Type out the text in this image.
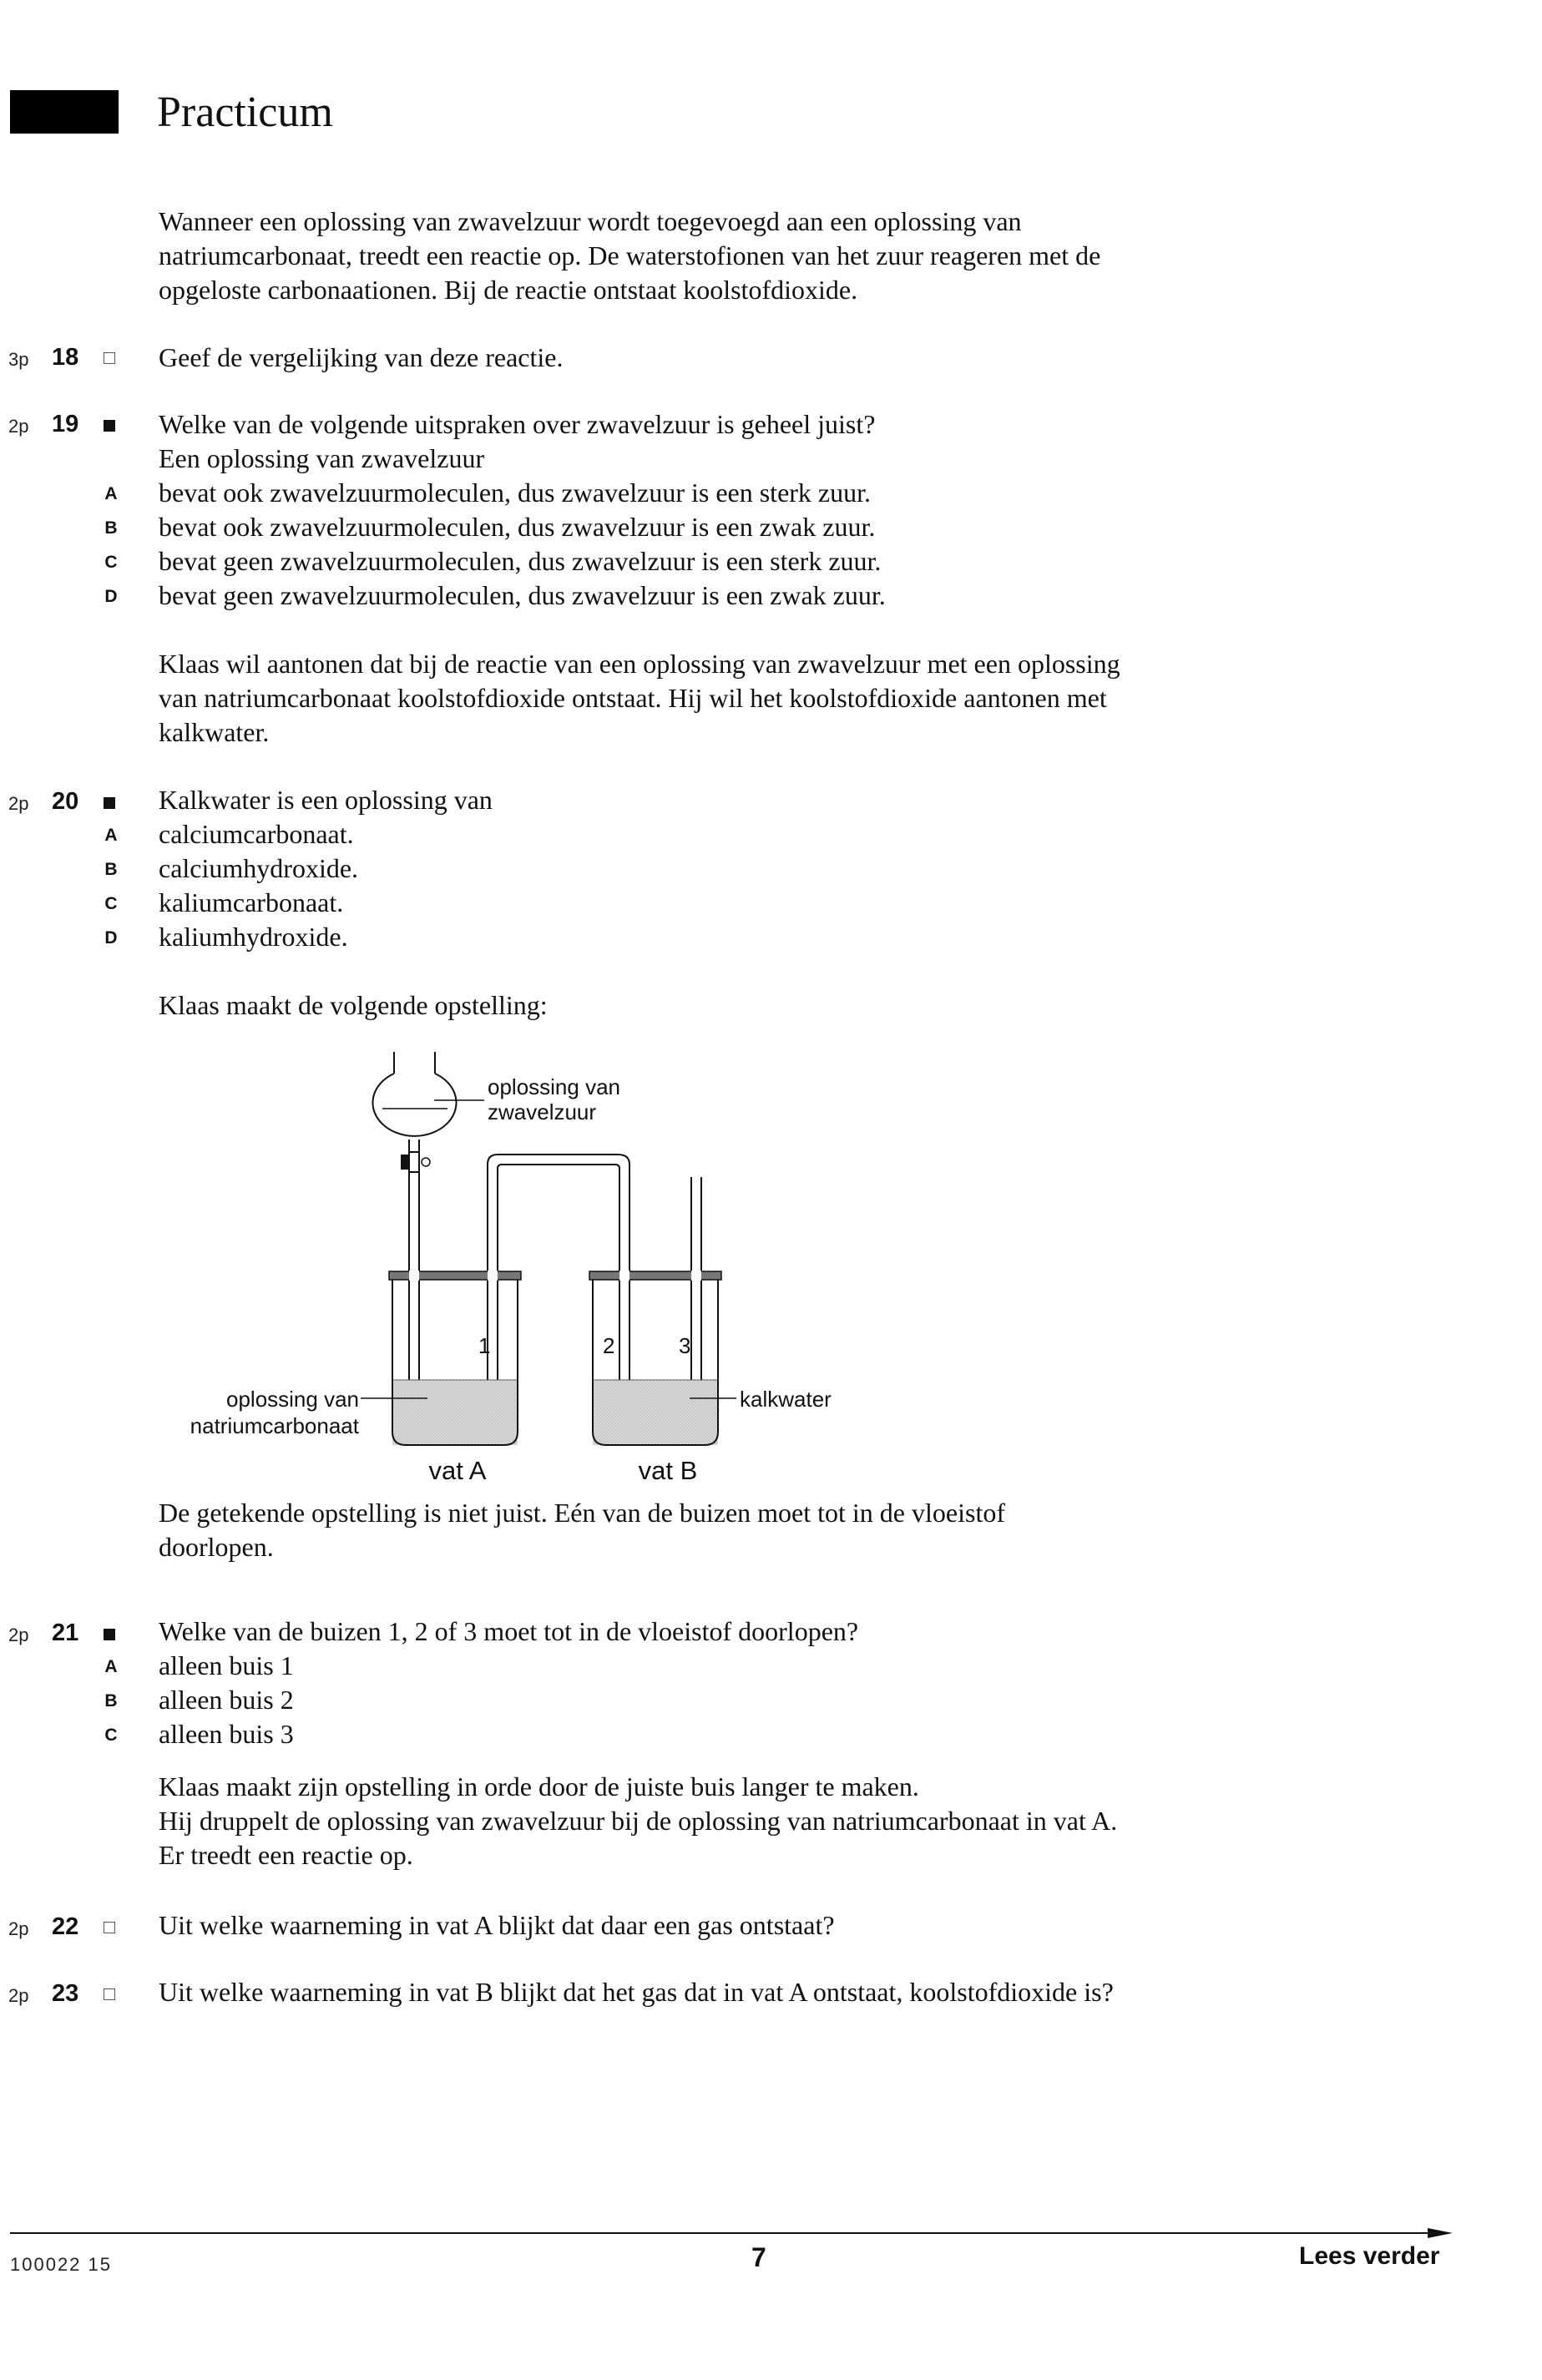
Practicum
Wanneer een oplossing van zwavelzuur wordt toegevoegd aan een oplossing van
natriumcarbonaat, treedt een reactie op. De waterstofionen van het zuur reageren met de
opgeloste carbonaationen. Bij de reactie ontstaat koolstofdioxide.
3p 18	Geef de vergelijking van deze reactie.
2p 19	Welke van de volgende uitspraken over zwavelzuur is geheel juist?
Een oplossing van zwavelzuur
bevat ook zwavelzuurmoleculen, dus zwavelzuur is een sterk zuur.
bevat ook zwavelzuurmoleculen, dus zwavelzuur is een zwak zuur.
bevat geen zwavelzuurmoleculen, dus zwavelzuur is een sterk zuur.
bevat geen zwavelzuurmoleculen, dus zwavelzuur is een zwak zuur.
A
B
C
D
Klaas wil aantonen dat bij de reactie van een oplossing van zwavelzuur met een oplossing
van natriumcarbonaat koolstofdioxide ontstaat. Hij wil het koolstofdioxide aantonen met
kalkwater.
2p 20	Kalkwater is een oplossing van
calciumcarbonaat.
calciumhydroxide.
kaliumcarbonaat.
kaliumhydroxide.
A
B
C
D
Klaas maakt de volgende opstelling:
oplossing van
zwavelzuur
oplossing van
natriumcarbonaat
kalkwater
1	2	3
vat A	vat B
De getekende opstelling is niet juist. Eén van de buizen moet tot in de vloeistof
doorlopen.
2p 21	Welke van de buizen 1, 2 of 3 moet tot in de vloeistof doorlopen?
alleen buis 1
alleen buis 2
alleen buis 3
A
B
C
Klaas maakt zijn opstelling in orde door de juiste buis langer te maken.
Hij druppelt de oplossing van zwavelzuur bij de oplossing van natriumcarbonaat in vat A.
Er treedt een reactie op.
2p 22	Uit welke waarneming in vat A blijkt dat daar een gas ontstaat?
2p 23	Uit welke waarneming in vat B blijkt dat het gas dat in vat A ontstaat, koolstofdioxide is?
100022 15	7	Lees verder
